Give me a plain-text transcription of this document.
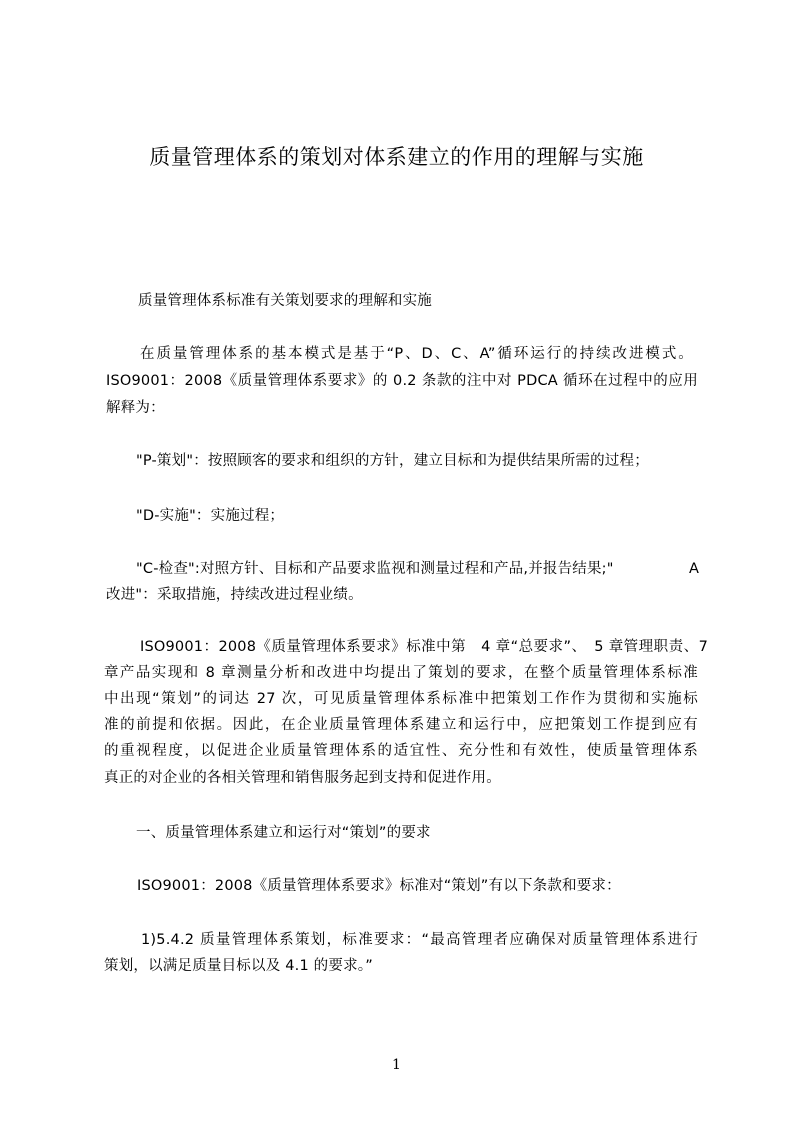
质量管理体系的策划对体系建立的作用的理解与实施
质量管理体系标准有关策划要求的理解和实施
在质量管理体系的基本模式是基于“P、D、C、A”循环运行的持续改进模式。
ISO9001：2008《质量管理体系要求》的 0.2 条款的注中对 PDCA 循环在过程中的应用
解释为：
"P-策划"：按照顾客的要求和组织的方针，建立目标和为提供结果所需的过程；
"D-实施"：实施过程；
"C-检查":对照方针、目标和产品要求监视和测量过程和产品,并报告结果;"	A
改进"：采取措施，持续改进过程业绩。
ISO9001：2008《质量管理体系要求》标准中第　4 章“总要求”、　5 章管理职责、7
章产品实现和 8 章测量分析和改进中均提出了策划的要求，在整个质量管理体系标准
中出现“策划”的词达 27 次，可见质量管理体系标准中把策划工作作为贯彻和实施标
准的前提和依据。因此，在企业质量管理体系建立和运行中，应把策划工作提到应有
的重视程度，以促进企业质量管理体系的适宜性、充分性和有效性，使质量管理体系
真正的对企业的各相关管理和销售服务起到支持和促进作用。
一、质量管理体系建立和运行对“策划”的要求
ISO9001：2008《质量管理体系要求》标准对“策划”有以下条款和要求：
1)5.4.2 质量管理体系策划，标准要求：“最高管理者应确保对质量管理体系进行
策划，以满足质量目标以及 4.1 的要求。”
1
